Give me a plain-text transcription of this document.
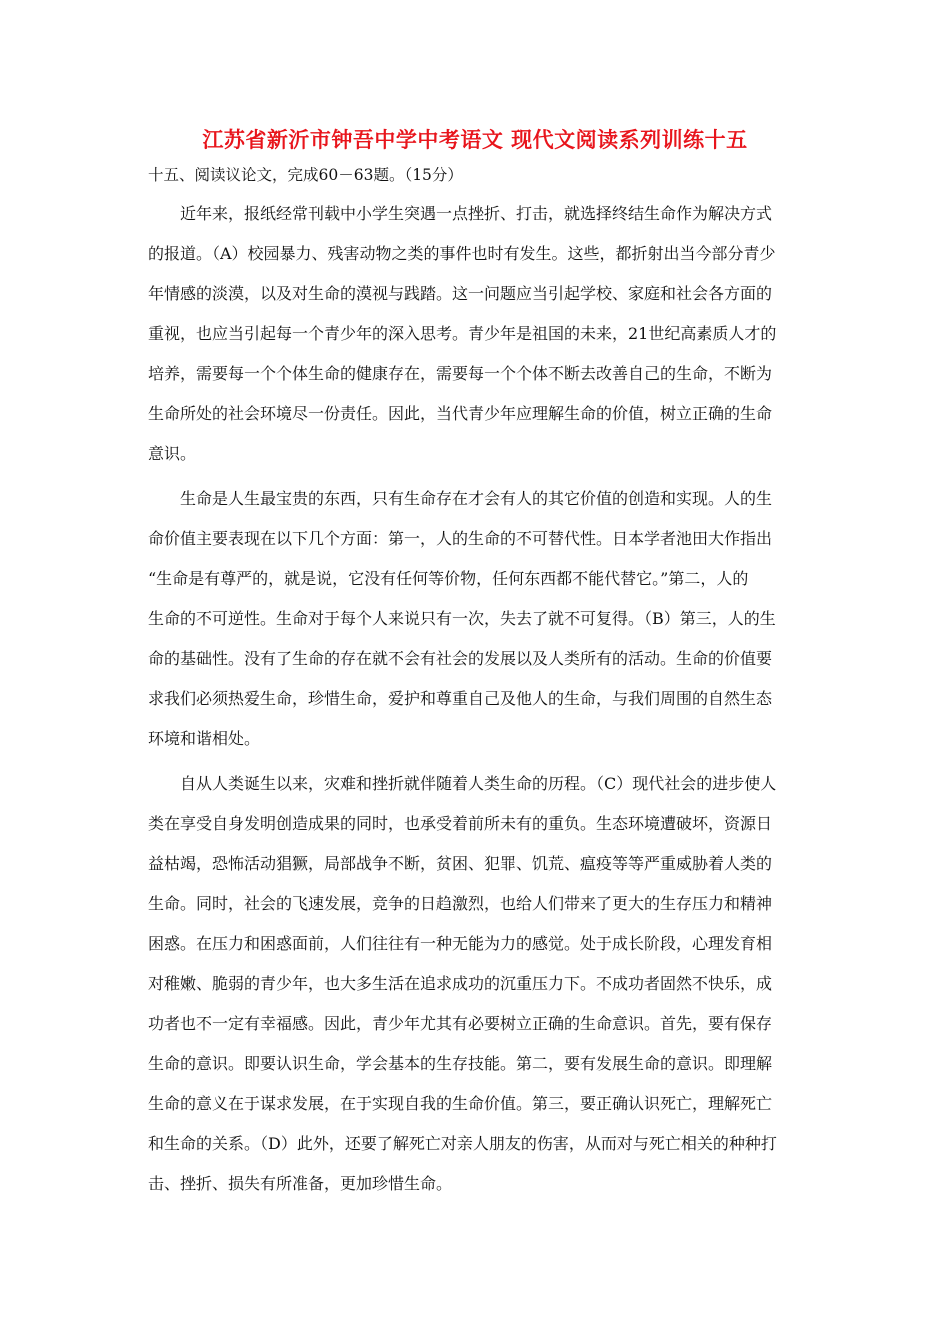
江苏省新沂市钟吾中学中考语文 现代文阅读系列训练十五
十五、阅读议论文，完成60－63题。（15分）
近年来，报纸经常刊载中小学生突遇一点挫折、打击，就选择终结生命作为解决方式
的报道。（A）校园暴力、残害动物之类的事件也时有发生。这些，都折射出当今部分青少
年情感的淡漠，以及对生命的漠视与践踏。这一问题应当引起学校、家庭和社会各方面的
重视，也应当引起每一个青少年的深入思考。青少年是祖国的未来，21世纪高素质人才的
培养，需要每一个个体生命的健康存在，需要每一个个体不断去改善自己的生命，不断为
生命所处的社会环境尽一份责任。因此，当代青少年应理解生命的价值，树立正确的生命
意识。
生命是人生最宝贵的东西，只有生命存在才会有人的其它价值的创造和实现。人的生
命价值主要表现在以下几个方面：第一，人的生命的不可替代性。日本学者池田大作指出
“生命是有尊严的，就是说，它没有任何等价物，任何东西都不能代替它。”第二，人的
生命的不可逆性。生命对于每个人来说只有一次，失去了就不可复得。（B）第三，人的生
命的基础性。没有了生命的存在就不会有社会的发展以及人类所有的活动。生命的价值要
求我们必须热爱生命，珍惜生命，爱护和尊重自己及他人的生命，与我们周围的自然生态
环境和谐相处。
自从人类诞生以来，灾难和挫折就伴随着人类生命的历程。（C）现代社会的进步使人
类在享受自身发明创造成果的同时，也承受着前所未有的重负。生态环境遭破坏，资源日
益枯竭，恐怖活动猖獗，局部战争不断，贫困、犯罪、饥荒、瘟疫等等严重威胁着人类的
生命。同时，社会的飞速发展，竞争的日趋激烈，也给人们带来了更大的生存压力和精神
困惑。在压力和困惑面前，人们往往有一种无能为力的感觉。处于成长阶段，心理发育相
对稚嫩、脆弱的青少年，也大多生活在追求成功的沉重压力下。不成功者固然不快乐，成
功者也不一定有幸福感。因此，青少年尤其有必要树立正确的生命意识。首先，要有保存
生命的意识。即要认识生命，学会基本的生存技能。第二，要有发展生命的意识。即理解
生命的意义在于谋求发展，在于实现自我的生命价值。第三，要正确认识死亡，理解死亡
和生命的关系。（D）此外，还要了解死亡对亲人朋友的伤害，从而对与死亡相关的种种打
击、挫折、损失有所准备，更加珍惜生命。
